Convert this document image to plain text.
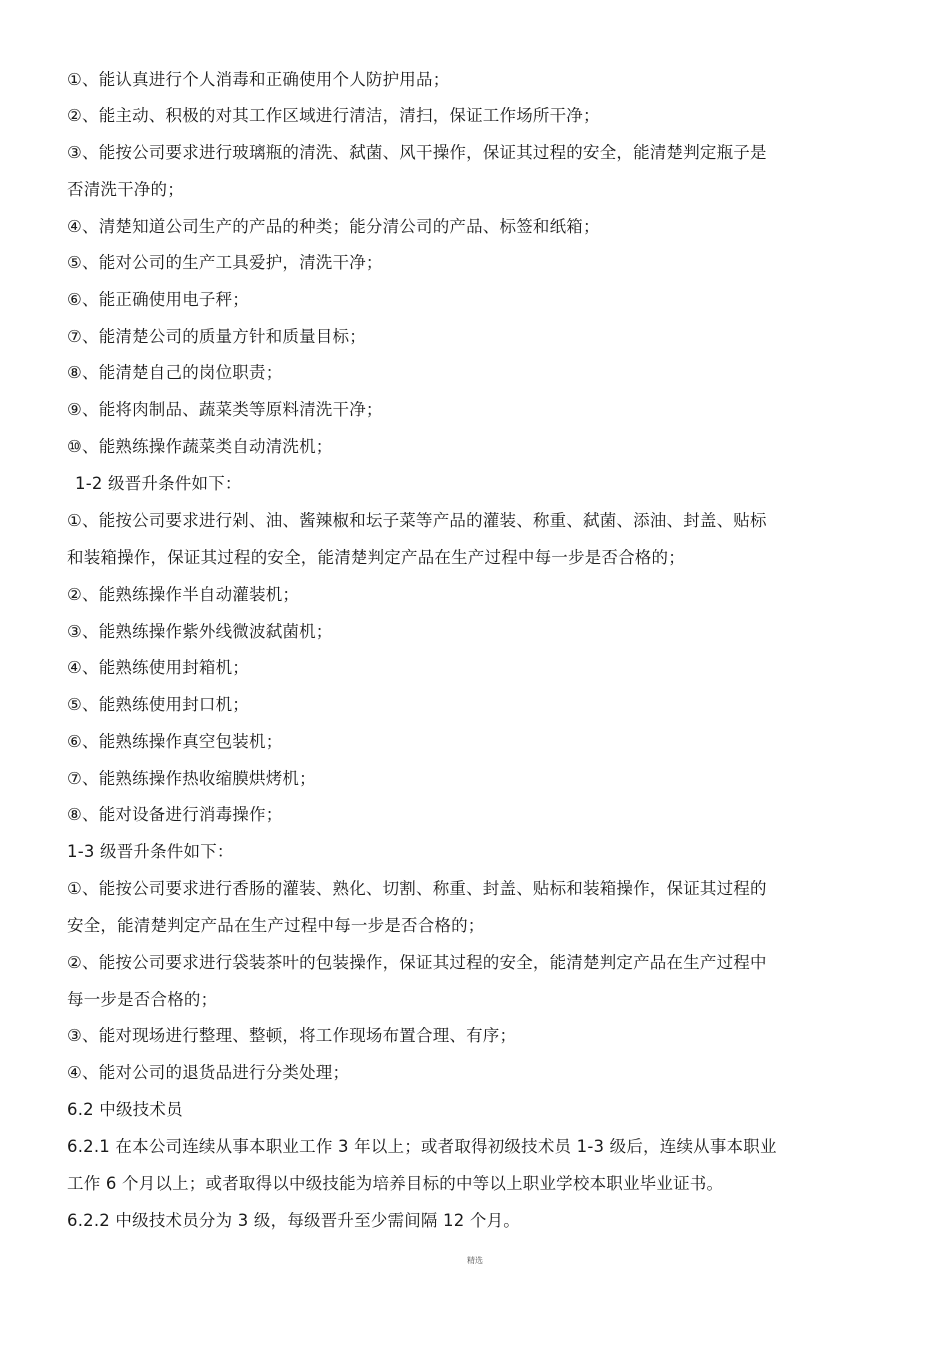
①、能认真进行个人消毒和正确使用个人防护用品；
②、能主动、积极的对其工作区域进行清洁，清扫，保证工作场所干净；
③、能按公司要求进行玻璃瓶的清洗、弑菌、风干操作，保证其过程的安全，能清楚判定瓶子是
否清洗干净的；
④、清楚知道公司生产的产品的种类；能分清公司的产品、标签和纸箱；
⑤、能对公司的生产工具爱护，清洗干净；
⑥、能正确使用电子秤；
⑦、能清楚公司的质量方针和质量目标；
⑧、能清楚自己的岗位职责；
⑨、能将肉制品、蔬菜类等原料清洗干净；
⑩、能熟练操作蔬菜类自动清洗机；
1-2 级晋升条件如下：
①、能按公司要求进行剁、油、酱辣椒和坛子菜等产品的灌装、称重、弑菌、添油、封盖、贴标
和装箱操作，保证其过程的安全，能清楚判定产品在生产过程中每一步是否合格的；
②、能熟练操作半自动灌装机；
③、能熟练操作紫外线微波弑菌机；
④、能熟练使用封箱机；
⑤、能熟练使用封口机；
⑥、能熟练操作真空包装机；
⑦、能熟练操作热收缩膜烘烤机；
⑧、能对设备进行消毒操作；
1-3 级晋升条件如下：
①、能按公司要求进行香肠的灌装、熟化、切割、称重、封盖、贴标和装箱操作，保证其过程的
安全，能清楚判定产品在生产过程中每一步是否合格的；
②、能按公司要求进行袋装茶叶的包装操作，保证其过程的安全，能清楚判定产品在生产过程中
每一步是否合格的；
③、能对现场进行整理、整顿，将工作现场布置合理、有序；
④、能对公司的退货品进行分类处理；
6.2 中级技术员
6.2.1 在本公司连续从事本职业工作 3 年以上；或者取得初级技术员 1-3 级后，连续从事本职业
工作 6 个月以上；或者取得以中级技能为培养目标的中等以上职业学校本职业毕业证书。
6.2.2 中级技术员分为 3 级，每级晋升至少需间隔 12 个月。
精选
